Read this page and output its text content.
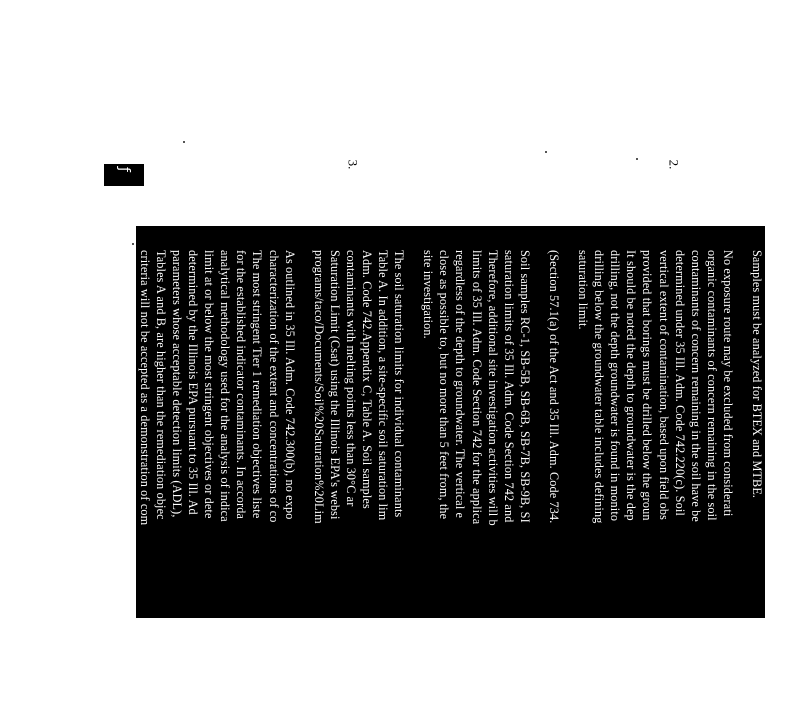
3.	2.
ƒ
Samples must be analyzed for BTEX and MTBE.
No exposure route may be excluded from considerati
organic contaminants of concern remaining in the soil
contaminants of concern remaining in the soil have be
determined under 35 Ill. Adm. Code 742.220(c). Soil
vertical extent of contamination, based upon field obs
provided that borings must be drilled below the groun
It should be noted the depth to groundwater is the dep
drilling, not the depth groundwater is found in monito
drilling below the groundwater table includes defining
saturation limit.
(Section 57.1(a) of the Act and 35 Ill. Adm. Code 734.
Soil samples RC-1, SB-5B, SB-6B, SB-7B, SB-9B, SI
saturation limits of 35 Ill. Adm. Code Section 742 and
Therefore, additional site investigation activities will b
limits of 35 Ill. Adm. Code Section 742 for the applica
regardless of the depth to groundwater. The vertical e
close as possible to, but no more than 5 feet from, the
site investigation.
The soil saturation limits for individual contaminants
Table A. In addition, a site-specific soil saturation lim
Adm. Code 742.Appendix C, Table A. Soil samples
contaminants with melting points less than 30°C ar
Saturation Limit (Csat) using the Illinois EPA's websi
programs/taco/Documents/Soil%20Saturation%20Lim
As outlined in 35 Ill. Adm. Code 742.300(b), no expo
characterization of the extent and concentrations of co
The most stringent Tier 1 remediation objectives liste
for the established indicator contaminants. In accorda
analytical methodology used for the analysis of indica
limit at or below the most stringent objectives or dete
determined by the Illinois EPA pursuant to 35 Ill. Ad
parameters whose acceptable detection limits (ADL),
Tables A and B, are higher than the remediation objec
criteria will not be accepted as a demonstration of com
Soil samples RC-1, SB-5B, SB-6B, SB-7B, SB-9B, SI
exceedances because the MTBE Reporting Detection
of 0.32 mg/kg. The RDL for a chemical must be less
remediation objective. The RDL must be equal to or
objectives in all future submittals in order to be consi
